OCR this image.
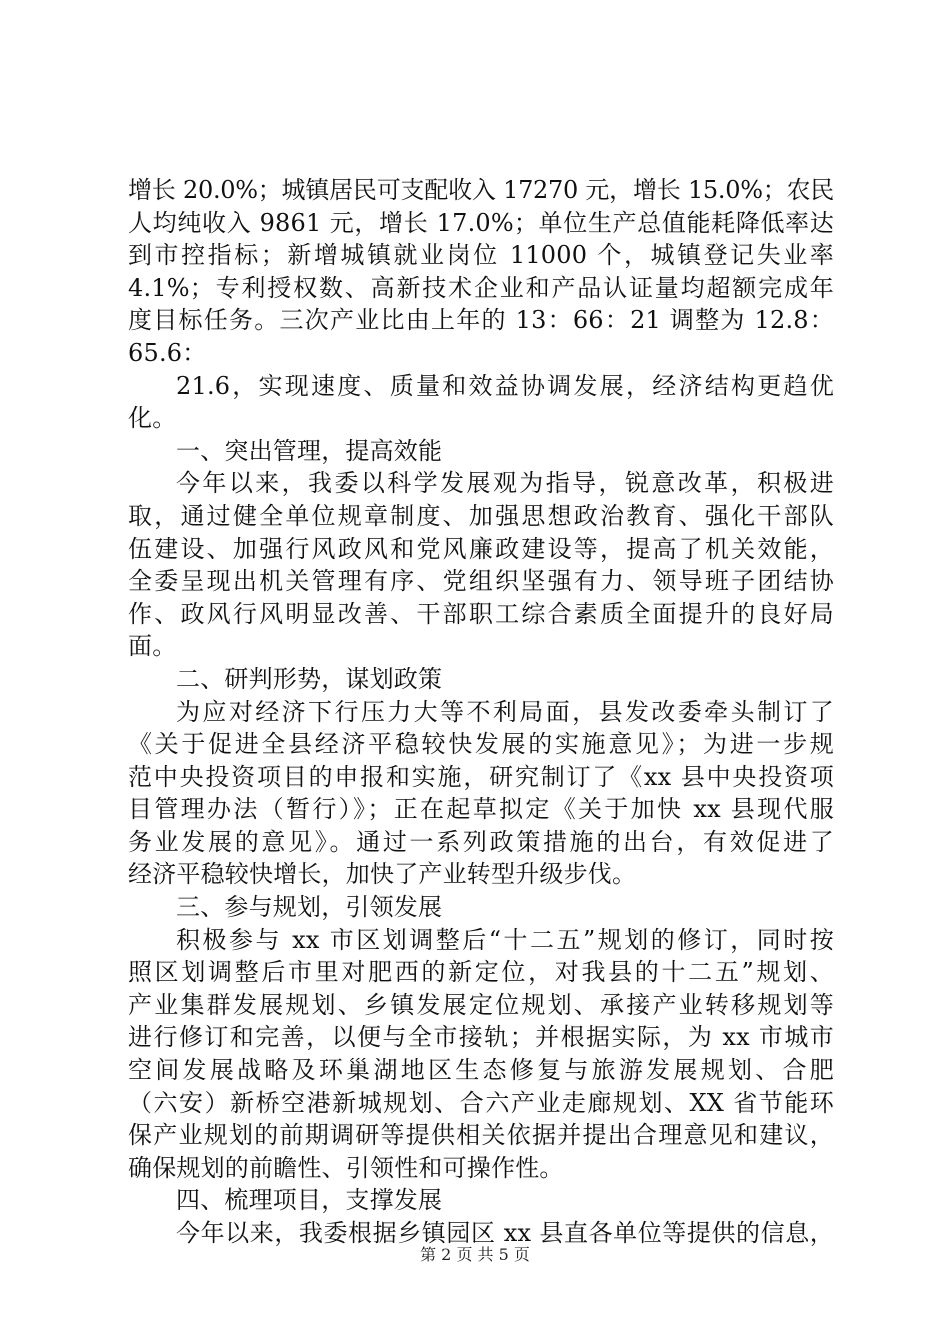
增长 20.0%；城镇居民可支配收入 17270 元，增长 15.0%；农民
人均纯收入 9861 元，增长 17.0%；单位生产总值能耗降低率达
到市控指标；新增城镇就业岗位 11000 个，城镇登记失业率
4.1%；专利授权数、高新技术企业和产品认证量均超额完成年
度目标任务。三次产业比由上年的 13：66：21 调整为 12.8：
65.6：
21.6，实现速度、质量和效益协调发展，经济结构更趋优
化。
一、突出管理，提高效能
今年以来，我委以科学发展观为指导，锐意改革，积极进
取，通过健全单位规章制度、加强思想政治教育、强化干部队
伍建设、加强行风政风和党风廉政建设等，提高了机关效能，
全委呈现出机关管理有序、党组织坚强有力、领导班子团结协
作、政风行风明显改善、干部职工综合素质全面提升的良好局
面。
二、研判形势，谋划政策
为应对经济下行压力大等不利局面，县发改委牵头制订了
《关于促进全县经济平稳较快发展的实施意见》；为进一步规
范中央投资项目的申报和实施，研究制订了《xx 县中央投资项
目管理办法（暂行）》；正在起草拟定《关于加快 xx 县现代服
务业发展的意见》。通过一系列政策措施的出台，有效促进了
经济平稳较快增长，加快了产业转型升级步伐。
三、参与规划，引领发展
积极参与 xx 市区划调整后“十二五”规划的修订，同时按
照区划调整后市里对肥西的新定位，对我县的十二五”规划、
产业集群发展规划、乡镇发展定位规划、承接产业转移规划等
进行修订和完善，以便与全市接轨；并根据实际，为 xx 市城市
空间发展战略及环巢湖地区生态修复与旅游发展规划、合肥
（六安）新桥空港新城规划、合六产业走廊规划、XX 省节能环
保产业规划的前期调研等提供相关依据并提出合理意见和建议，
确保规划的前瞻性、引领性和可操作性。
四、梳理项目，支撑发展
今年以来，我委根据乡镇园区 xx 县直各单位等提供的信息，
第 2 页 共 5 页
